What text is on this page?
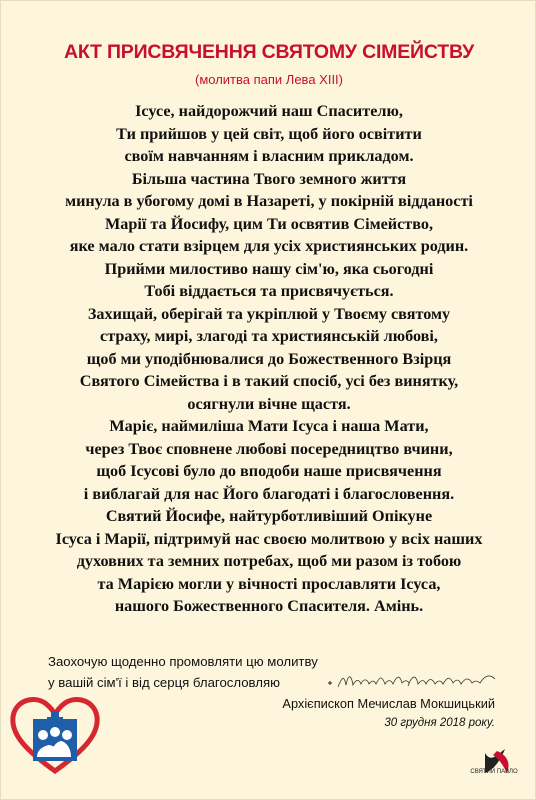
АКТ ПРИСВЯЧЕННЯ СВЯТОМУ СІМЕЙСТВУ
(молитва папи Лева XIII)
Ісусе, найдорожчий наш Спасителю,
Ти прийшов у цей світ, щоб його освітити
своїм навчанням і власним прикладом.
Більша частина Твого земного життя
минула в убогому домі в Назареті, у покірній відданості
Марії та Йосифу, цим Ти освятив Сімейство,
яке мало стати взірцем для усіх християнських родин.
Прийми милостиво нашу сім'ю, яка сьогодні
Тобі віддається та присвячується.
Захищай, оберігай та укріплюй у Твоєму святому
страху, мирі, злагоді та християнській любові,
щоб ми уподібнювалися до Божественного Взірця
Святого Сімейства і в такий спосіб, усі без винятку,
осягнули вічне щастя.
Маріє, наймиліша Мати Ісуса і наша Мати,
через Твоє сповнене любові посередництво вчини,
щоб Ісусові було до вподоби наше присвячення
і виблагай для нас Його благодаті і благословення.
Святий Йосифе, найтурботливіший Опікуне
Ісуса і Марії, підтримуй нас своєю молитвою у всіх наших
духовних та земних потребах, щоб ми разом із тобою
та Марією могли у вічності прославляти Ісуса,
нашого Божественного Спасителя. Амінь.
Заохочую щоденно промовляти цю молитву
у вашій сім'ї і від серця благословляю
Архієпископ Мечислав Мокшицький
30 грудня 2018 року.
СВЯТИЙ ПАВЛО
